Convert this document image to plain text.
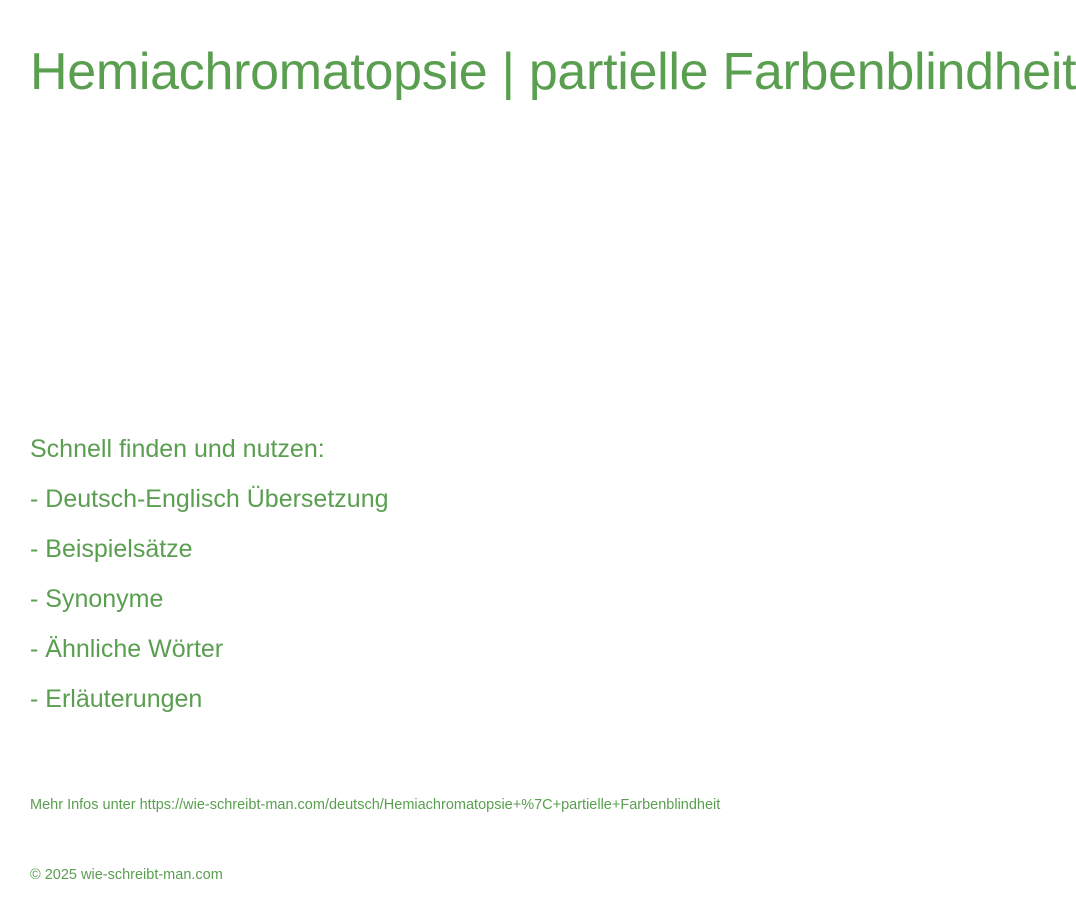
Hemiachromatopsie | partielle Farbenblindheit
Schnell finden und nutzen:
- Deutsch-Englisch Übersetzung
- Beispielsätze
- Synonyme
- Ähnliche Wörter
- Erläuterungen
Mehr Infos unter https://wie-schreibt-man.com/deutsch/Hemiachromatopsie+%7C+partielle+Farbenblindheit
© 2025 wie-schreibt-man.com
